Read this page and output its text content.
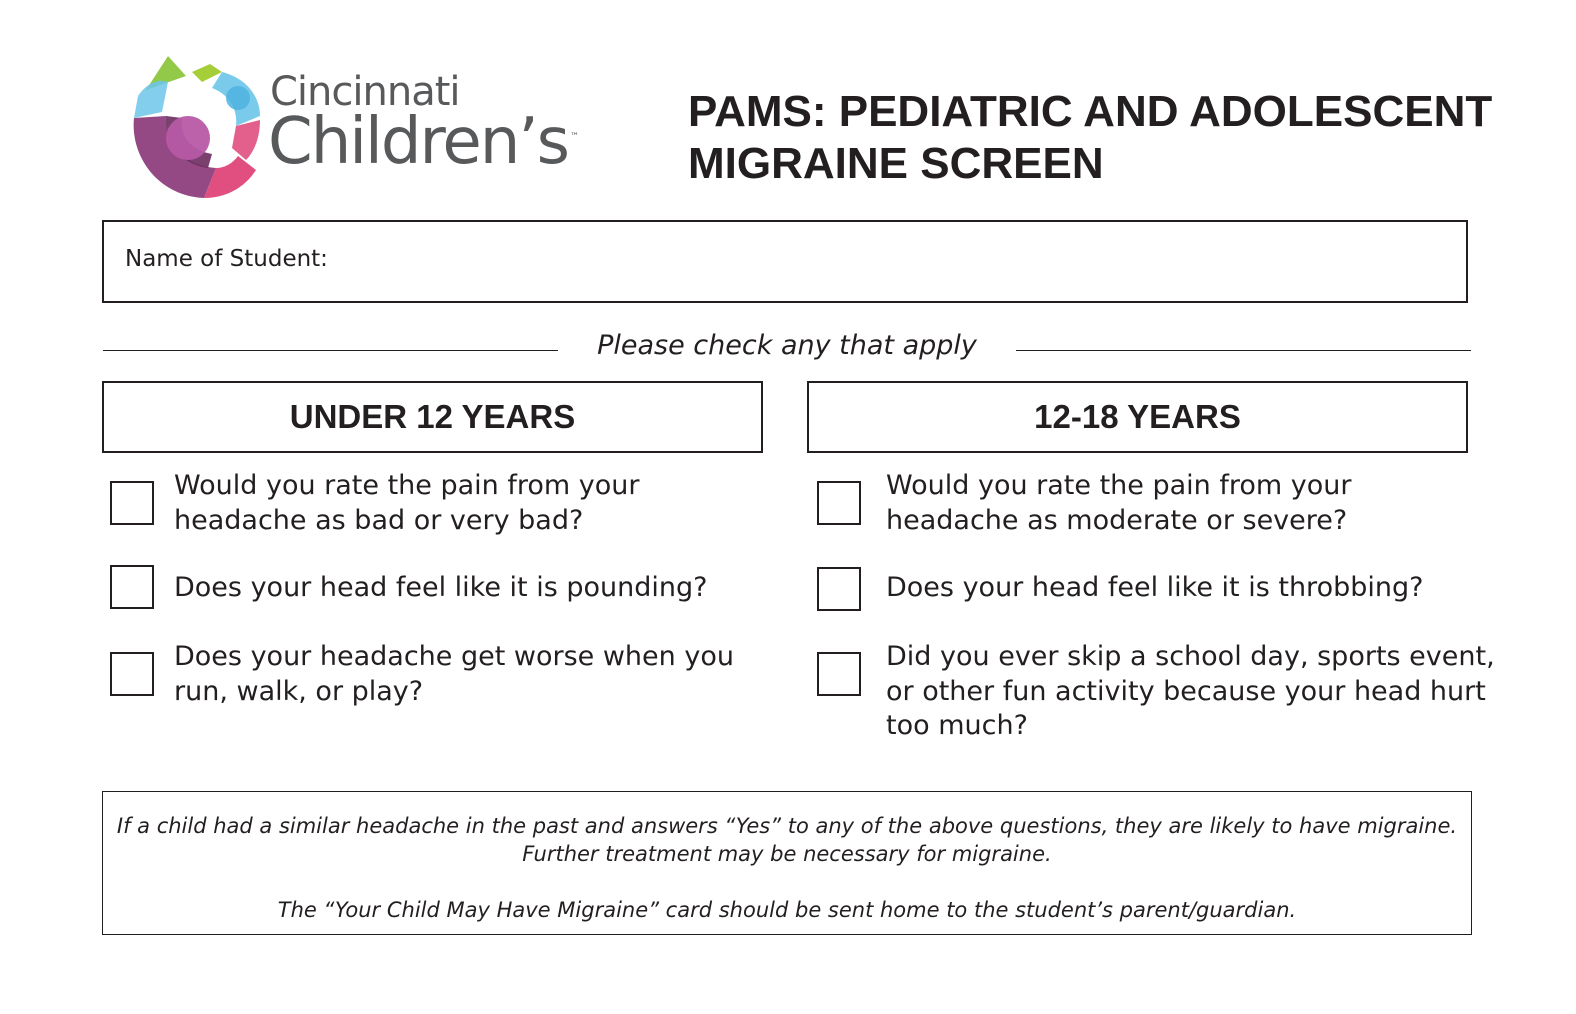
Cincinnati
Children’s ™
PAMS: PEDIATRIC AND ADOLESCENT
MIGRAINE SCREEN
Name of Student:
Please check any that apply
UNDER 12 YEARS	12-18 YEARS
Would you rate the pain from your
headache as bad or very bad?
Does your head feel like it is pounding?
Does your headache get worse when you
run, walk, or play?
Would you rate the pain from your
headache as moderate or severe?
Does your head feel like it is throbbing?
Did you ever skip a school day, sports event,
or other fun activity because your head hurt
too much?
If a child had a similar headache in the past and answers “Yes” to any of the above questions, they are likely to have migraine.
Further treatment may be necessary for migraine.
The “Your Child May Have Migraine” card should be sent home to the student’s parent/guardian.
